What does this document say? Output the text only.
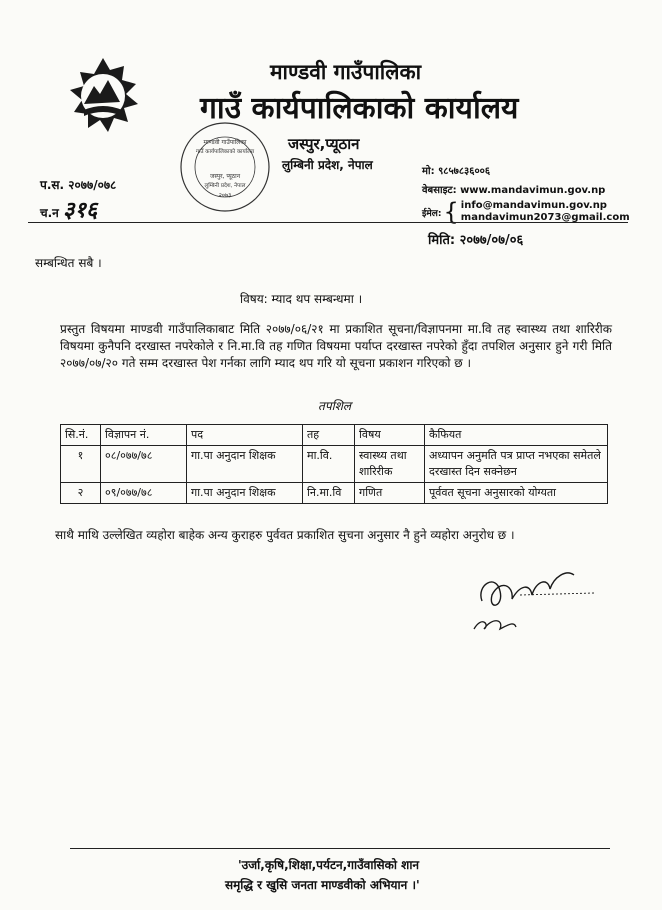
माण्डवी गाउँपालिका
गाउँ कार्यपालिकाको कार्यालय
जस्पुर, प्यूठान
लुम्बिनी प्रदेश, नेपाल
२०७३
माण्डवी गाउँपालिका
गाउँ कार्यपालिकाको कार्यालय
जस्पुर,प्यूठान
लुम्बिनी प्रदेश, नेपाल	मो: ९८५७८३६००६
वेबसाइट: www.mandavimun.gov.np
ईमेल: { info@mandavimun.gov.np
mandavimun2073@gmail.com
प.स. २०७७/०७८
च.न ३१६
मिति: २०७७/०७/०६
सम्बन्धित सबै ।
विषय: म्याद थप सम्बन्धमा ।
प्रस्तुत विषयमा माण्डवी गाउँपालिकाबाट मिति २०७७/०६/२१ मा प्रकाशित सूचना/विज्ञापनमा मा.वि तह स्वास्थ्य तथा शारिरीक विषयमा कुनैपनि दरखास्त नपरेकोले र नि.मा.वि तह गणित विषयमा पर्याप्त दरखास्त नपरेको हुँदा तपशिल अनुसार हुने गरी मिति २०७७/०७/२० गते सम्म दरखास्त पेश गर्नका लागि म्याद थप गरि यो सूचना प्रकाशन गरिएको छ ।
तपशिल
सि.नं.	विज्ञापन नं.	पद	तह	विषय	कैफियत
१	०८/०७७/७८	गा.पा अनुदान शिक्षक	मा.वि.	स्वास्थ्य तथा शारिरीक	अध्यापन अनुमति पत्र प्राप्त नभएका समेतले दरखास्त दिन सक्नेछन
२	०९/०७७/७८	गा.पा अनुदान शिक्षक	नि.मा.वि	गणित	पूर्ववत सूचना अनुसारको योग्यता
साथै माथि उल्लेखित व्यहोरा बाहेक अन्य कुराहरु पुर्ववत प्रकाशित सुचना अनुसार नै हुने व्यहोरा अनुरोध छ ।
'उर्जा,कृषि,शिक्षा,पर्यटन,गाउँवासिको शान
समृद्धि र खुसि जनता माण्डवीको अभियान ।'
